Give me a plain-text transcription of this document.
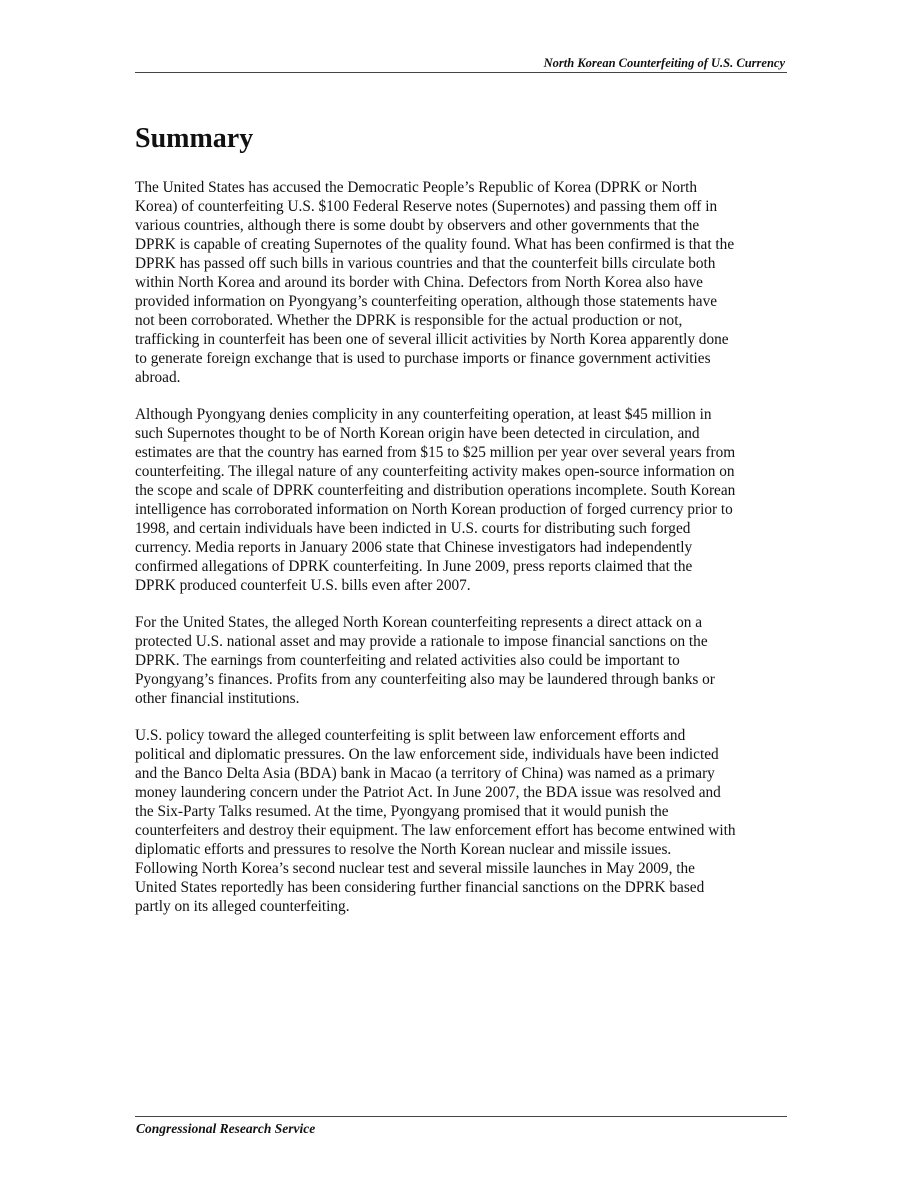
North Korean Counterfeiting of U.S. Currency
Summary

The United States has accused the Democratic People’s Republic of Korea (DPRK or North
Korea) of counterfeiting U.S. $100 Federal Reserve notes (Supernotes) and passing them off in
various countries, although there is some doubt by observers and other governments that the
DPRK is capable of creating Supernotes of the quality found. What has been confirmed is that the
DPRK has passed off such bills in various countries and that the counterfeit bills circulate both
within North Korea and around its border with China. Defectors from North Korea also have
provided information on Pyongyang’s counterfeiting operation, although those statements have
not been corroborated. Whether the DPRK is responsible for the actual production or not,
trafficking in counterfeit has been one of several illicit activities by North Korea apparently done
to generate foreign exchange that is used to purchase imports or finance government activities
abroad.

Although Pyongyang denies complicity in any counterfeiting operation, at least $45 million in
such Supernotes thought to be of North Korean origin have been detected in circulation, and
estimates are that the country has earned from $15 to $25 million per year over several years from
counterfeiting. The illegal nature of any counterfeiting activity makes open-source information on
the scope and scale of DPRK counterfeiting and distribution operations incomplete. South Korean
intelligence has corroborated information on North Korean production of forged currency prior to
1998, and certain individuals have been indicted in U.S. courts for distributing such forged
currency. Media reports in January 2006 state that Chinese investigators had independently
confirmed allegations of DPRK counterfeiting. In June 2009, press reports claimed that the
DPRK produced counterfeit U.S. bills even after 2007.

For the United States, the alleged North Korean counterfeiting represents a direct attack on a
protected U.S. national asset and may provide a rationale to impose financial sanctions on the
DPRK. The earnings from counterfeiting and related activities also could be important to
Pyongyang’s finances. Profits from any counterfeiting also may be laundered through banks or
other financial institutions.

U.S. policy toward the alleged counterfeiting is split between law enforcement efforts and
political and diplomatic pressures. On the law enforcement side, individuals have been indicted
and the Banco Delta Asia (BDA) bank in Macao (a territory of China) was named as a primary
money laundering concern under the Patriot Act. In June 2007, the BDA issue was resolved and
the Six-Party Talks resumed. At the time, Pyongyang promised that it would punish the
counterfeiters and destroy their equipment. The law enforcement effort has become entwined with
diplomatic efforts and pressures to resolve the North Korean nuclear and missile issues.
Following North Korea’s second nuclear test and several missile launches in May 2009, the
United States reportedly has been considering further financial sanctions on the DPRK based
partly on its alleged counterfeiting.

Congressional Research Service
